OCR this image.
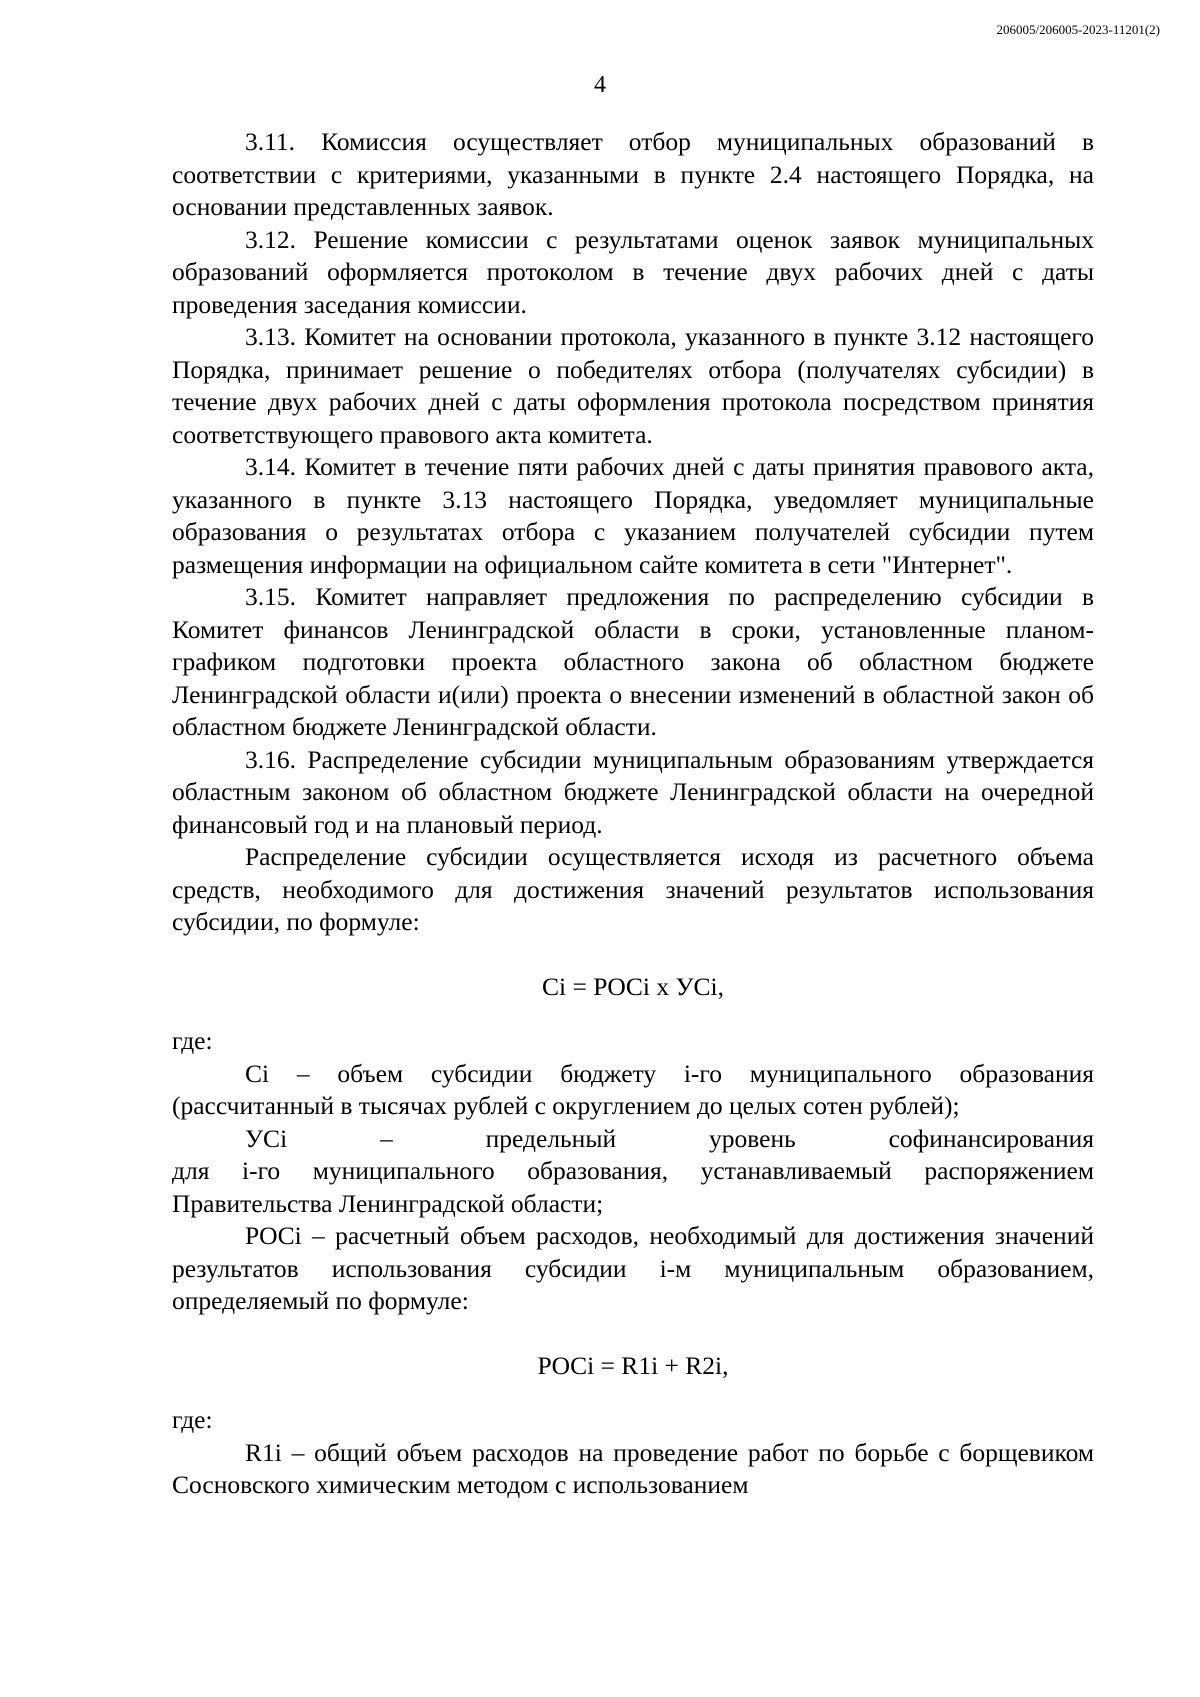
206005/206005-2023-11201(2)
4

3.11. Комиссия осуществляет отбор муниципальных образований в соответствии с критериями, указанными в пункте 2.4 настоящего Порядка, на основании представленных заявок.

3.12. Решение комиссии с результатами оценок заявок муниципальных образований оформляется протоколом в течение двух рабочих дней с даты проведения заседания комиссии.

3.13. Комитет на основании протокола, указанного в пункте 3.12 настоящего Порядка, принимает решение о победителях отбора (получателях субсидии) в течение двух рабочих дней с даты оформления протокола посредством принятия соответствующего правового акта комитета.

3.14. Комитет в течение пяти рабочих дней с даты принятия правового акта, указанного в пункте 3.13 настоящего Порядка, уведомляет муниципальные образования о результатах отбора с указанием получателей субсидии путем размещения информации на официальном сайте комитета в сети "Интернет".

3.15. Комитет направляет предложения по распределению субсидии в Комитет финансов Ленинградской области в сроки, установленные планом-графиком подготовки проекта областного закона об областном бюджете Ленинградской области и(или) проекта о внесении изменений в областной закон об областном бюджете Ленинградской области.

3.16. Распределение субсидии муниципальным образованиям утверждается областным законом об областном бюджете Ленинградской области на очередной финансовый год и на плановый период.

Распределение субсидии осуществляется исходя из расчетного объема средств, необходимого для достижения значений результатов использования субсидии, по формуле:

Ci = POCi x УCi,

где:

Ci – объем субсидии бюджету i-го муниципального образования (рассчитанный в тысячах рублей с округлением до целых сотен рублей);

УCi	–	предельный	уровень	софинансирования

для i-го муниципального образования, устанавливаемый распоряжением Правительства Ленинградской области;

POCi – расчетный объем расходов, необходимый для достижения значений результатов использования субсидии i-м муниципальным образованием, определяемый по формуле:

POCi = R1i + R2i,

где:

R1i – общий объем расходов на проведение работ по борьбе с борщевиком Сосновского химическим методом с использованием
